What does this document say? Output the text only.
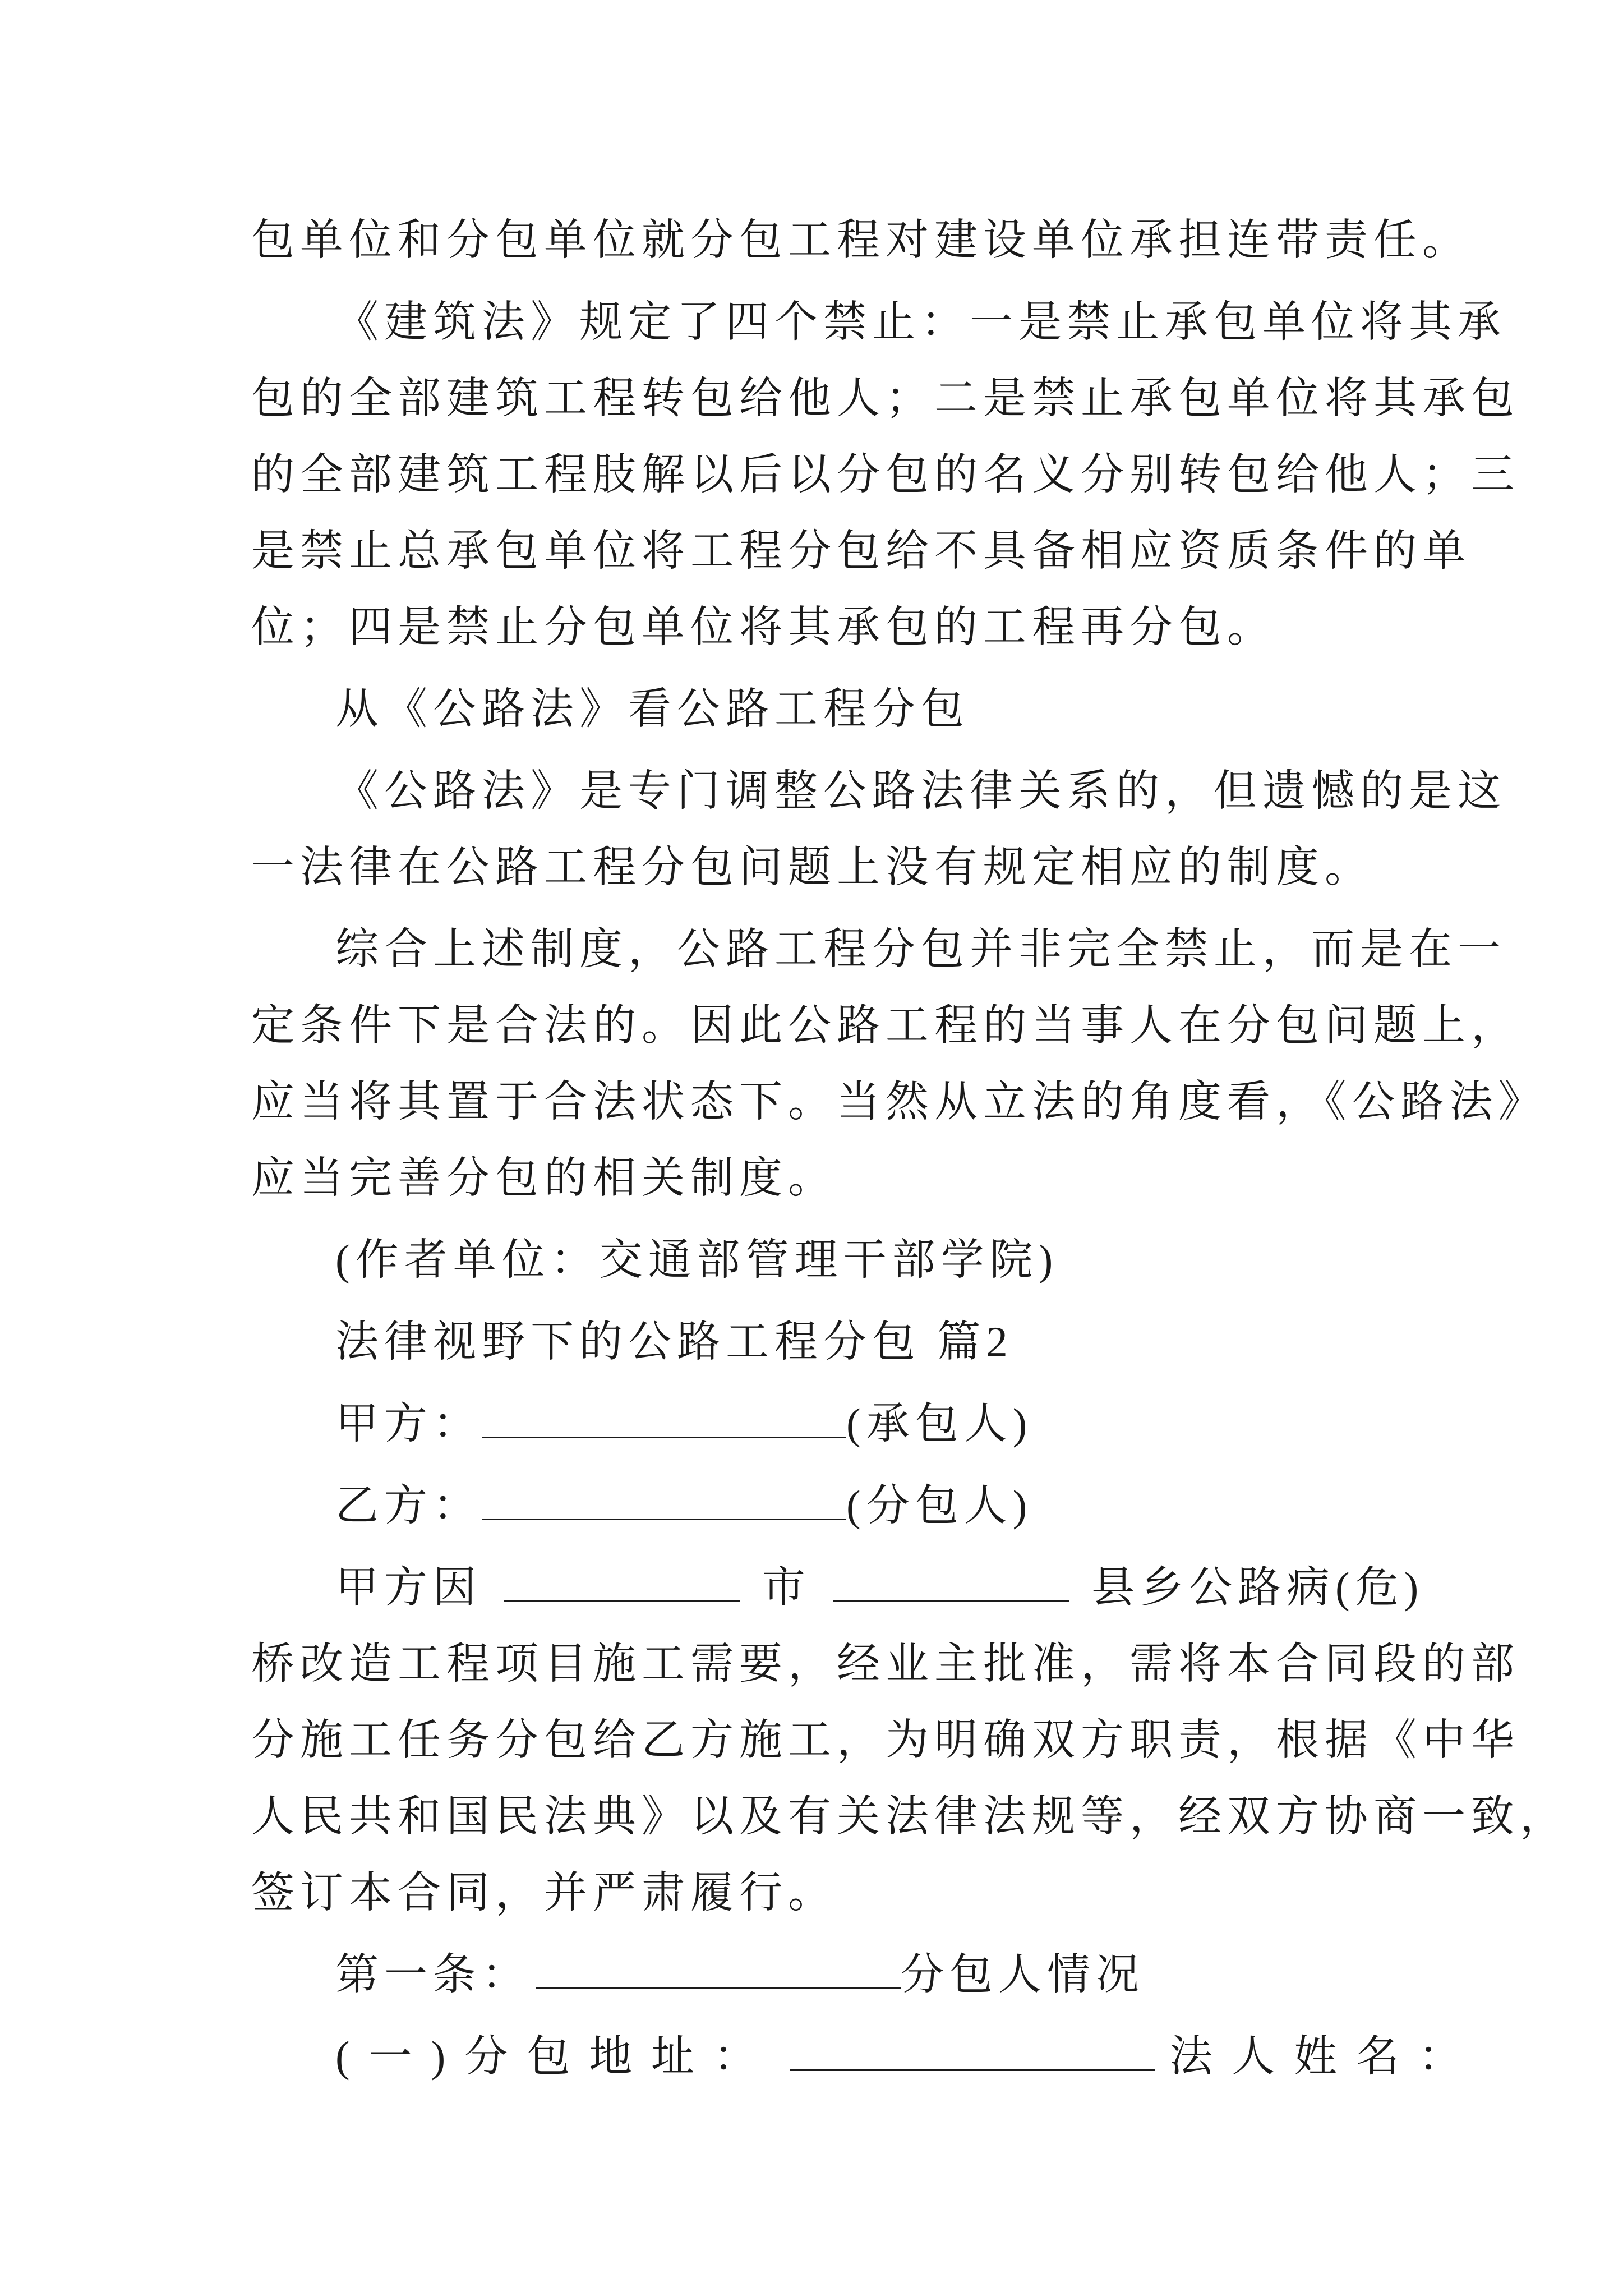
包单位和分包单位就分包工程对建设单位承担连带责任。
《建筑法》规定了四个禁止：一是禁止承包单位将其承
包的全部建筑工程转包给他人；二是禁止承包单位将其承包
的全部建筑工程肢解以后以分包的名义分别转包给他人；三
是禁止总承包单位将工程分包给不具备相应资质条件的单
位；四是禁止分包单位将其承包的工程再分包。
从《公路法》看公路工程分包
《公路法》是专门调整公路法律关系的，但遗憾的是这
一法律在公路工程分包问题上没有规定相应的制度。
综合上述制度，公路工程分包并非完全禁止，而是在一
定条件下是合法的。因此公路工程的当事人在分包问题上，
应当将其置于合法状态下。当然从立法的角度看，《公路法》
应当完善分包的相关制度。
(作者单位：交通部管理干部学院)
法律视野下的公路工程分包 篇2
甲方：	(承包人)
乙方：	(分包人)
甲方因	市	县乡公路病(危)
桥改造工程项目施工需要，经业主批准，需将本合同段的部
分施工任务分包给乙方施工，为明确双方职责，根据《中华
人民共和国民法典》以及有关法律法规等，经双方协商一致，
签订本合同，并严肃履行。
第一条：	分包人情况
(一)分包地址：	法人姓名：
